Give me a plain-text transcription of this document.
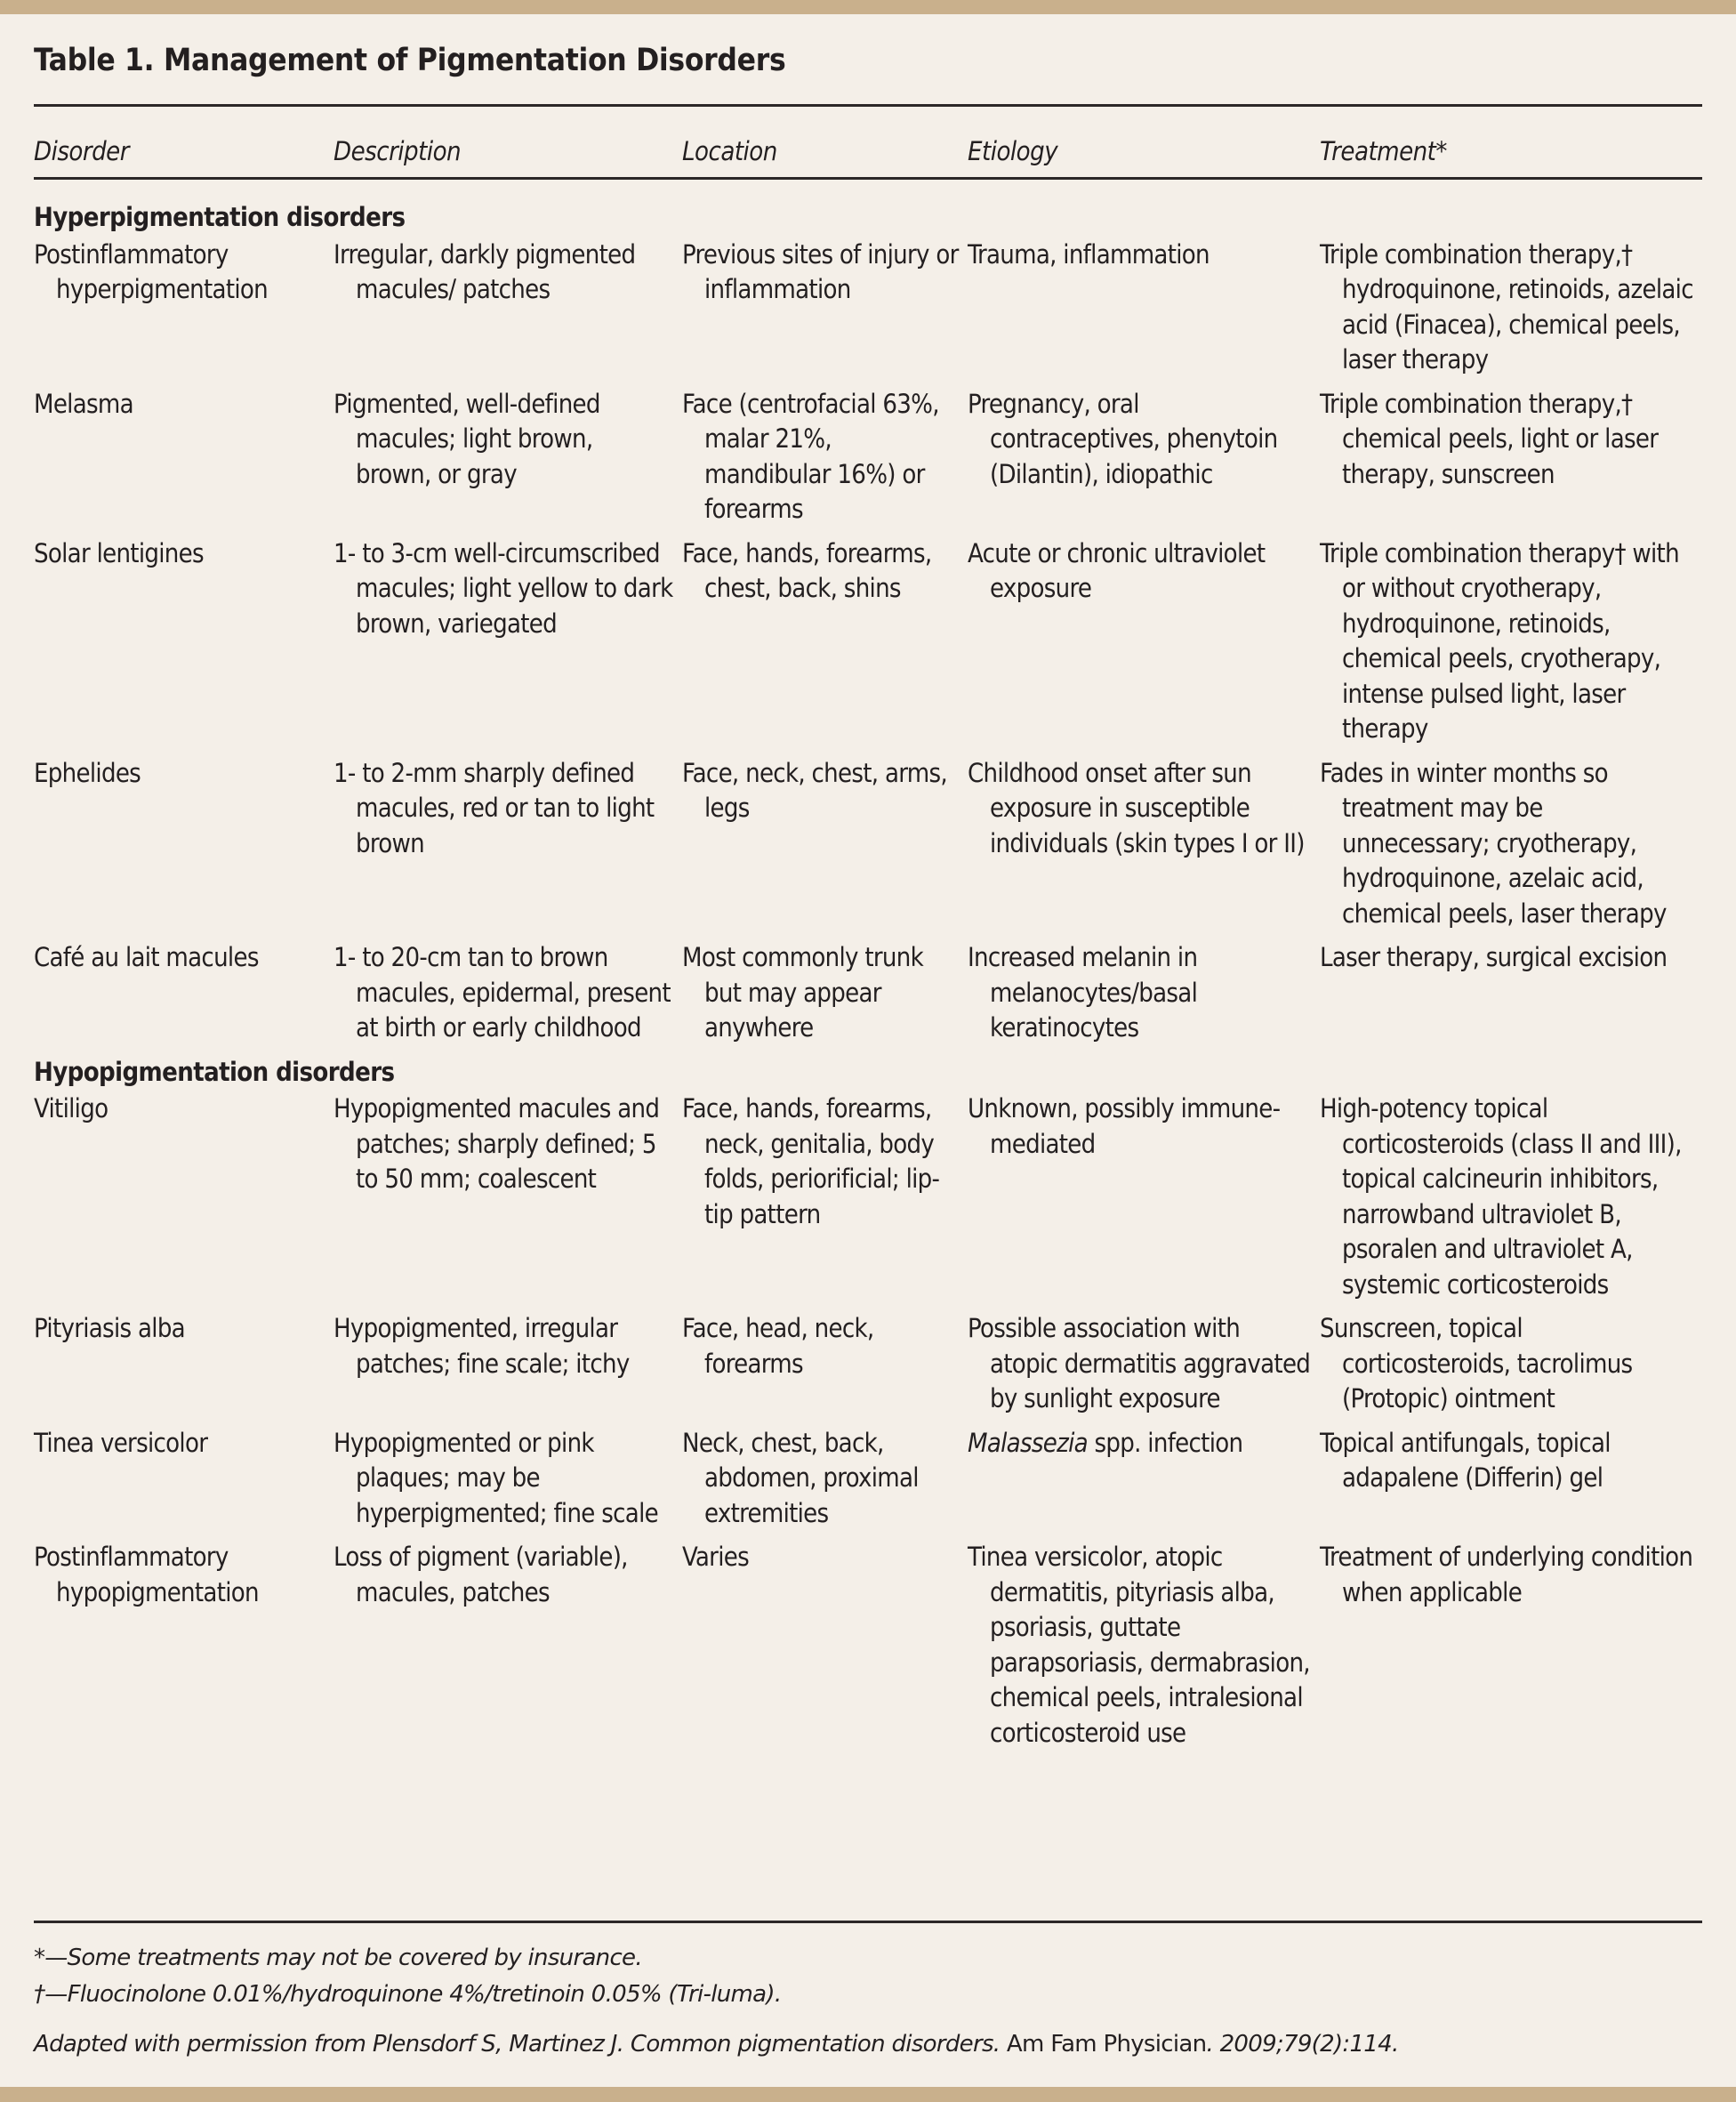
Table 1. Management of Pigmentation Disorders
Disorder	Description	Location	Etiology	Treatment*
Hyperpigmentation disorders				

Postinflammatory hyperpigmentation	Irregular, darkly pigmented macules/ patches	Previous sites of injury or inflammation	Trauma, inflammation	Triple combination therapy,† hydroquinone, retinoids, azelaic acid (Finacea), chemical peels, laser therapy

Melasma	Pigmented, well-defined macules; light brown, brown, or gray	Face (centrofacial 63%, malar 21%, mandibular 16%) or forearms	Pregnancy, oral contraceptives, phenytoin (Dilantin), idiopathic	Triple combination therapy,† chemical peels, light or laser therapy, sunscreen

Solar lentigines	1- to 3-cm well-circumscribed macules; light yellow to dark brown, variegated	Face, hands, forearms, chest, back, shins	Acute or chronic ultraviolet exposure	Triple combination therapy† with or without cryotherapy, hydroquinone, retinoids, chemical peels, cryotherapy, intense pulsed light, laser therapy

Ephelides	1- to 2-mm sharply defined macules, red or tan to light brown	Face, neck, chest, arms, legs	Childhood onset after sun exposure in susceptible individuals (skin types I or II)	Fades in winter months so treatment may be unnecessary; cryotherapy, hydroquinone, azelaic acid, chemical peels, laser therapy

Café au lait macules	1- to 20-cm tan to brown macules, epidermal, present at birth or early childhood	Most commonly trunk but may appear anywhere	Increased melanin in melanocytes/basal keratinocytes	Laser therapy, surgical excision

Hypopigmentation disorders				

Vitiligo	Hypopigmented macules and patches; sharply defined; 5 to 50 mm; coalescent	Face, hands, forearms, neck, genitalia, body folds, periorificial; lip-tip pattern	Unknown, possibly immune-mediated	High-potency topical corticosteroids (class II and III), topical calcineurin inhibitors, narrowband ultraviolet B, psoralen and ultraviolet A, systemic corticosteroids

Pityriasis alba	Hypopigmented, irregular patches; fine scale; itchy	Face, head, neck, forearms	Possible association with atopic dermatitis aggravated by sunlight exposure	Sunscreen, topical corticosteroids, tacrolimus (Protopic) ointment

Tinea versicolor	Hypopigmented or pink plaques; may be hyperpigmented; fine scale	Neck, chest, back, abdomen, proximal extremities	Malassezia spp. infection	Topical antifungals, topical adapalene (Differin) gel

Postinflammatory hypopigmentation	Loss of pigment (variable), macules, patches	Varies	Tinea versicolor, atopic dermatitis, pityriasis alba, psoriasis, guttate parapsoriasis, dermabrasion, chemical peels, intralesional corticosteroid use	Treatment of underlying condition when applicable
*—Some treatments may not be covered by insurance.
†—Fluocinolone 0.01%/hydroquinone 4%/tretinoin 0.05% (Tri-luma).
Adapted with permission from Plensdorf S, Martinez J. Common pigmentation disorders. Am Fam Physician. 2009;79(2):114.
